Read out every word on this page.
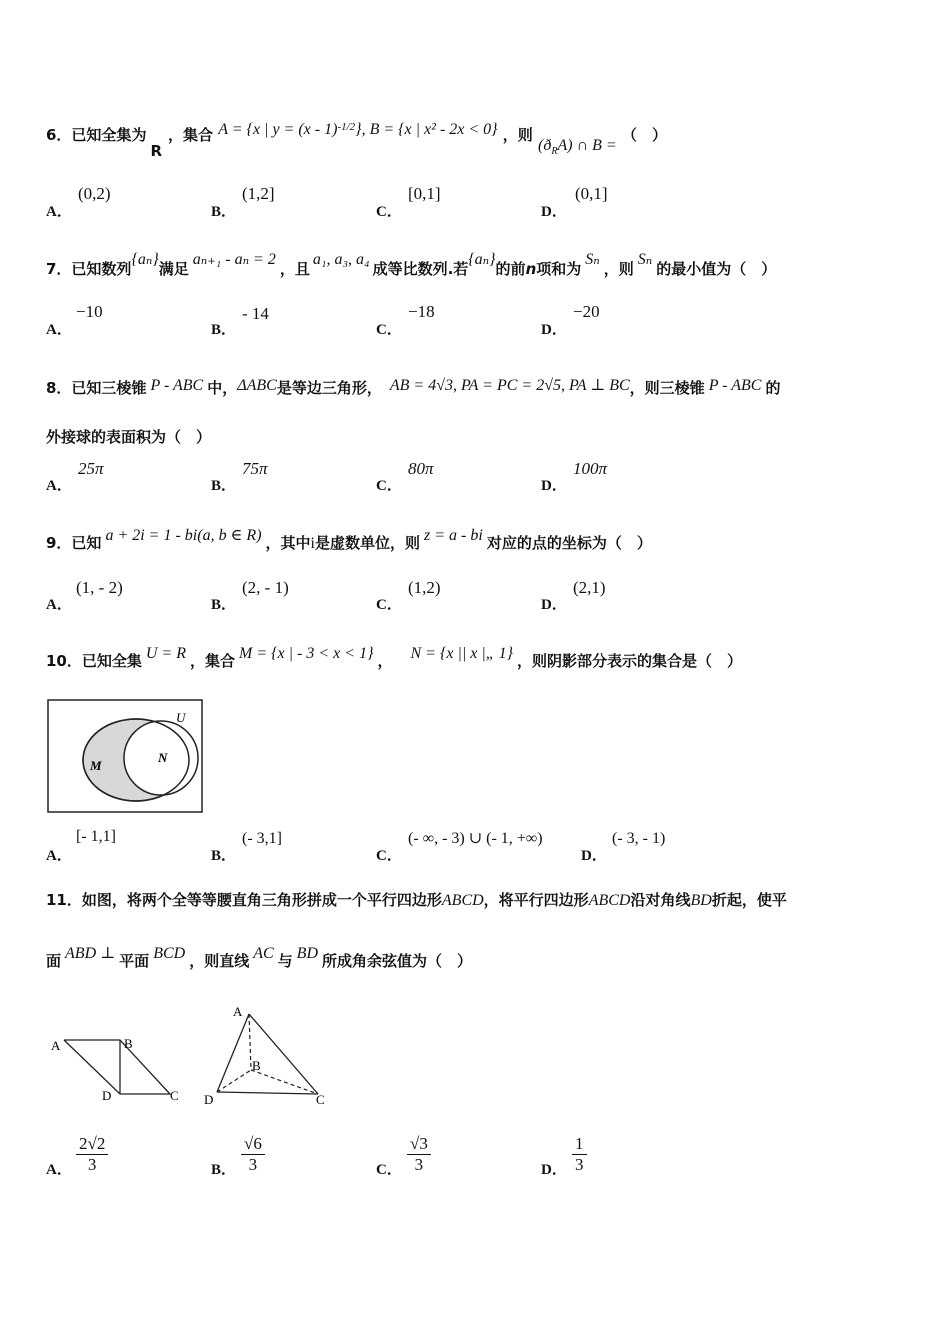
6．已知全集为R，集合 A = {x | y = (x - 1)$^{-1/2}$}, B = {x | x² - 2x < 0} ，则 $(ð_RA)$ ∩ B = （　）
A．
(0,2)
B．
(1,2]
C．
[0,1]
D．
(0,1]
7．已知数列{aₙ}满足aₙ₊₁ - aₙ = 2，且a₁, a₃, a₄成等比数列.若{aₙ}的前n项和为Sₙ，则Sₙ的最小值为（　）
A．
−10
B．
- 14
C．
−18
D．
−20
8．已知三棱锥 P - ABC 中，ΔABC是等边三角形， AB = 4√3, PA = PC = 2√5, PA ⊥ BC，则三棱锥 P - ABC 的
外接球的表面积为（　）
A．
25π
B．
75π
C．
80π
D．
100π
9．已知 a + 2i = 1 - bi(a, b ∈ R) ，其中i是虚数单位，则 z = a - bi 对应的点的坐标为（　）
A．
(1, - 2)
B．
(2, - 1)
C．
(1,2)
D．
(2,1)
10．已知全集 U = R ，集合 M = {x | - 3 < x < 1} ， N = {x || x |„ 1} ，则阴影部分表示的集合是（　）
U
M
N
A．
[- 1,1]
B．
(- 3,1]
C．
(- ∞, - 3) ∪ (- 1, +∞)
D．
(- 3, - 1)
11．如图，将两个全等等腰直角三角形拼成一个平行四边形ABCD，将平行四边形ABCD沿对角线BD折起，使平
面 ABD ⊥ 平面 BCD ，则直线 AC 与 BD 所成角余弦值为（　）
A	B
C
D
A
B
C
D
A． $\frac{2√2}{3}$	B． $\frac{√6}{3}$	C． $\frac{√3}{3}$	D． $\frac{1}{3}$
